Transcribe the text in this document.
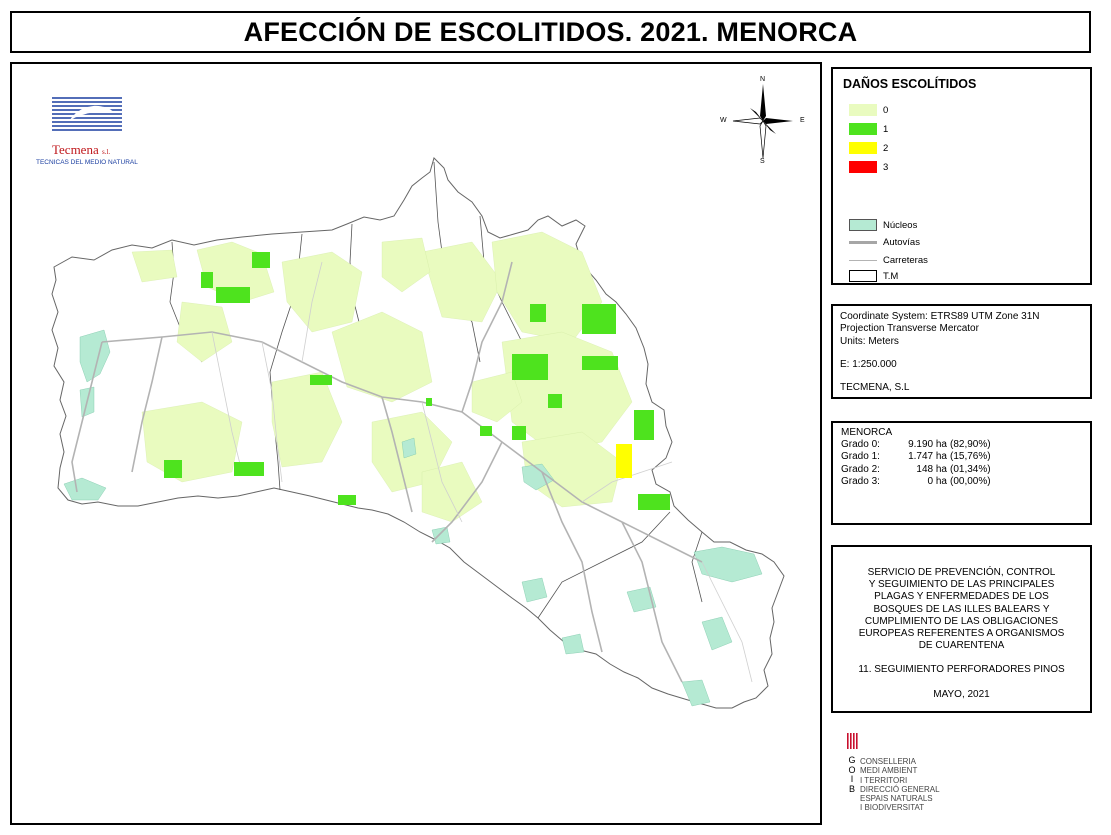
AFECCIÓN DE ESCOLITIDOS. 2021. MENORCA
Tecmena s.l.
TECNICAS DEL MEDIO NATURAL
N
S
W	E
DAÑOS ESCOLÍTIDOS
0
1
2
3
Núcleos
Autovías
Carreteras
T.M
Coordinate System: ETRS89 UTM Zone 31N
Projection Transverse Mercator
Units: Meters
E: 1:250.000
TECMENA, S.L
MENORCA
Grado 0:	9.190 ha (82,90%)
Grado 1:	1.747 ha (15,76%)
Grado 2:	148 ha (01,34%)
Grado 3:	0 ha (00,00%)
SERVICIO DE PREVENCIÓN, CONTROL
Y SEGUIMIENTO DE LAS PRINCIPALES
PLAGAS Y ENFERMEDADES DE LOS
BOSQUES DE LAS ILLES BALEARS Y
CUMPLIMIENTO DE LAS OBLIGACIONES
EUROPEAS REFERENTES A ORGANISMOS
DE CUARENTENA
11. SEGUIMIENTO PERFORADORES PINOS
MAYO, 2021
G
O
I
B
CONSELLERIA
MEDI AMBIENT
I TERRITORI
DIRECCIÓ GENERAL
ESPAIS NATURALS
I BIODIVERSITAT
